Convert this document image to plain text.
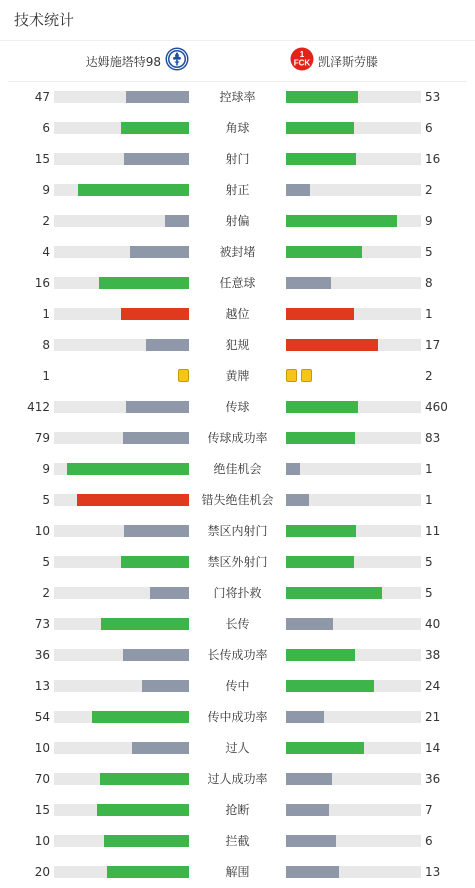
技术统计
达姆施塔特98	1
FCK 凯泽斯劳滕
47	控球率	53
6	角球	6
15	射门	16
9	射正	2
2	射偏	9
4	被封堵	5
16	任意球	8
1	越位	1
8	犯规	17
1	黄牌	2
412	传球	460
79	传球成功率	83
9	绝佳机会	1
5	错失绝佳机会	1
10	禁区内射门	11
5	禁区外射门	5
2	门将扑救	5
73	长传	40
36	长传成功率	38
13	传中	24
54	传中成功率	21
10	过人	14
70	过人成功率	36
15	抢断	7
10	拦截	6
20	解围	13
